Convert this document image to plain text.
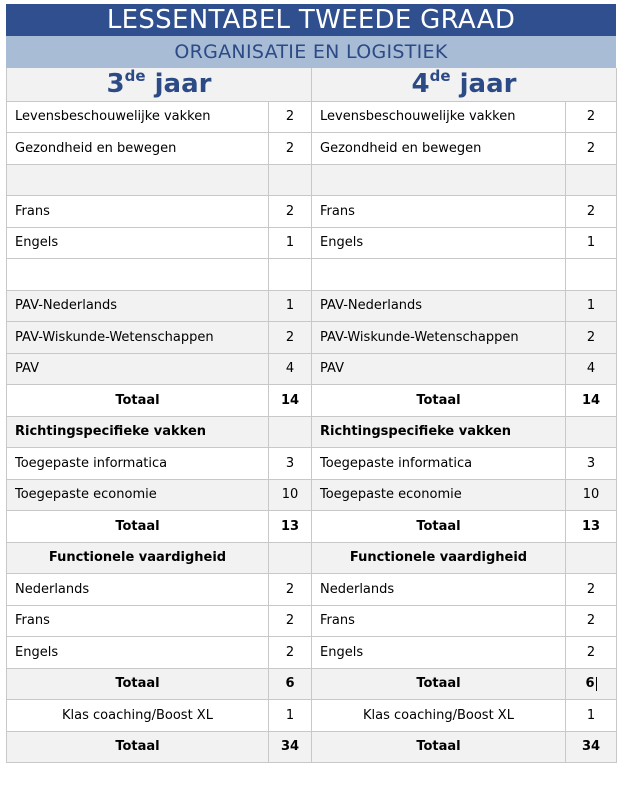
LESSENTABEL TWEEDE GRAAD
ORGANISATIE EN LOGISTIEK
3de jaar		4de jaar	
Levensbeschouwelijke vakken	2	Levensbeschouwelijke vakken	2
Gezondheid en bewegen	2	Gezondheid en bewegen	2

Frans	2	Frans	2
Engels	1	Engels	1

PAV-Nederlands	1	PAV-Nederlands	1
PAV-Wiskunde-Wetenschappen	2	PAV-Wiskunde-Wetenschappen	2
PAV	4	PAV	4
Totaal	14	Totaal	14
Richtingspecifieke vakken		Richtingspecifieke vakken	
Toegepaste informatica	3	Toegepaste informatica	3
Toegepaste economie	10	Toegepaste economie	10
Totaal	13	Totaal	13
Functionele vaardigheid		Functionele vaardigheid	
Nederlands	2	Nederlands	2
Frans	2	Frans	2
Engels	2	Engels	2
Totaal	6	Totaal	6
Klas coaching/Boost XL	1	Klas coaching/Boost XL	1
Totaal	34	Totaal	34
